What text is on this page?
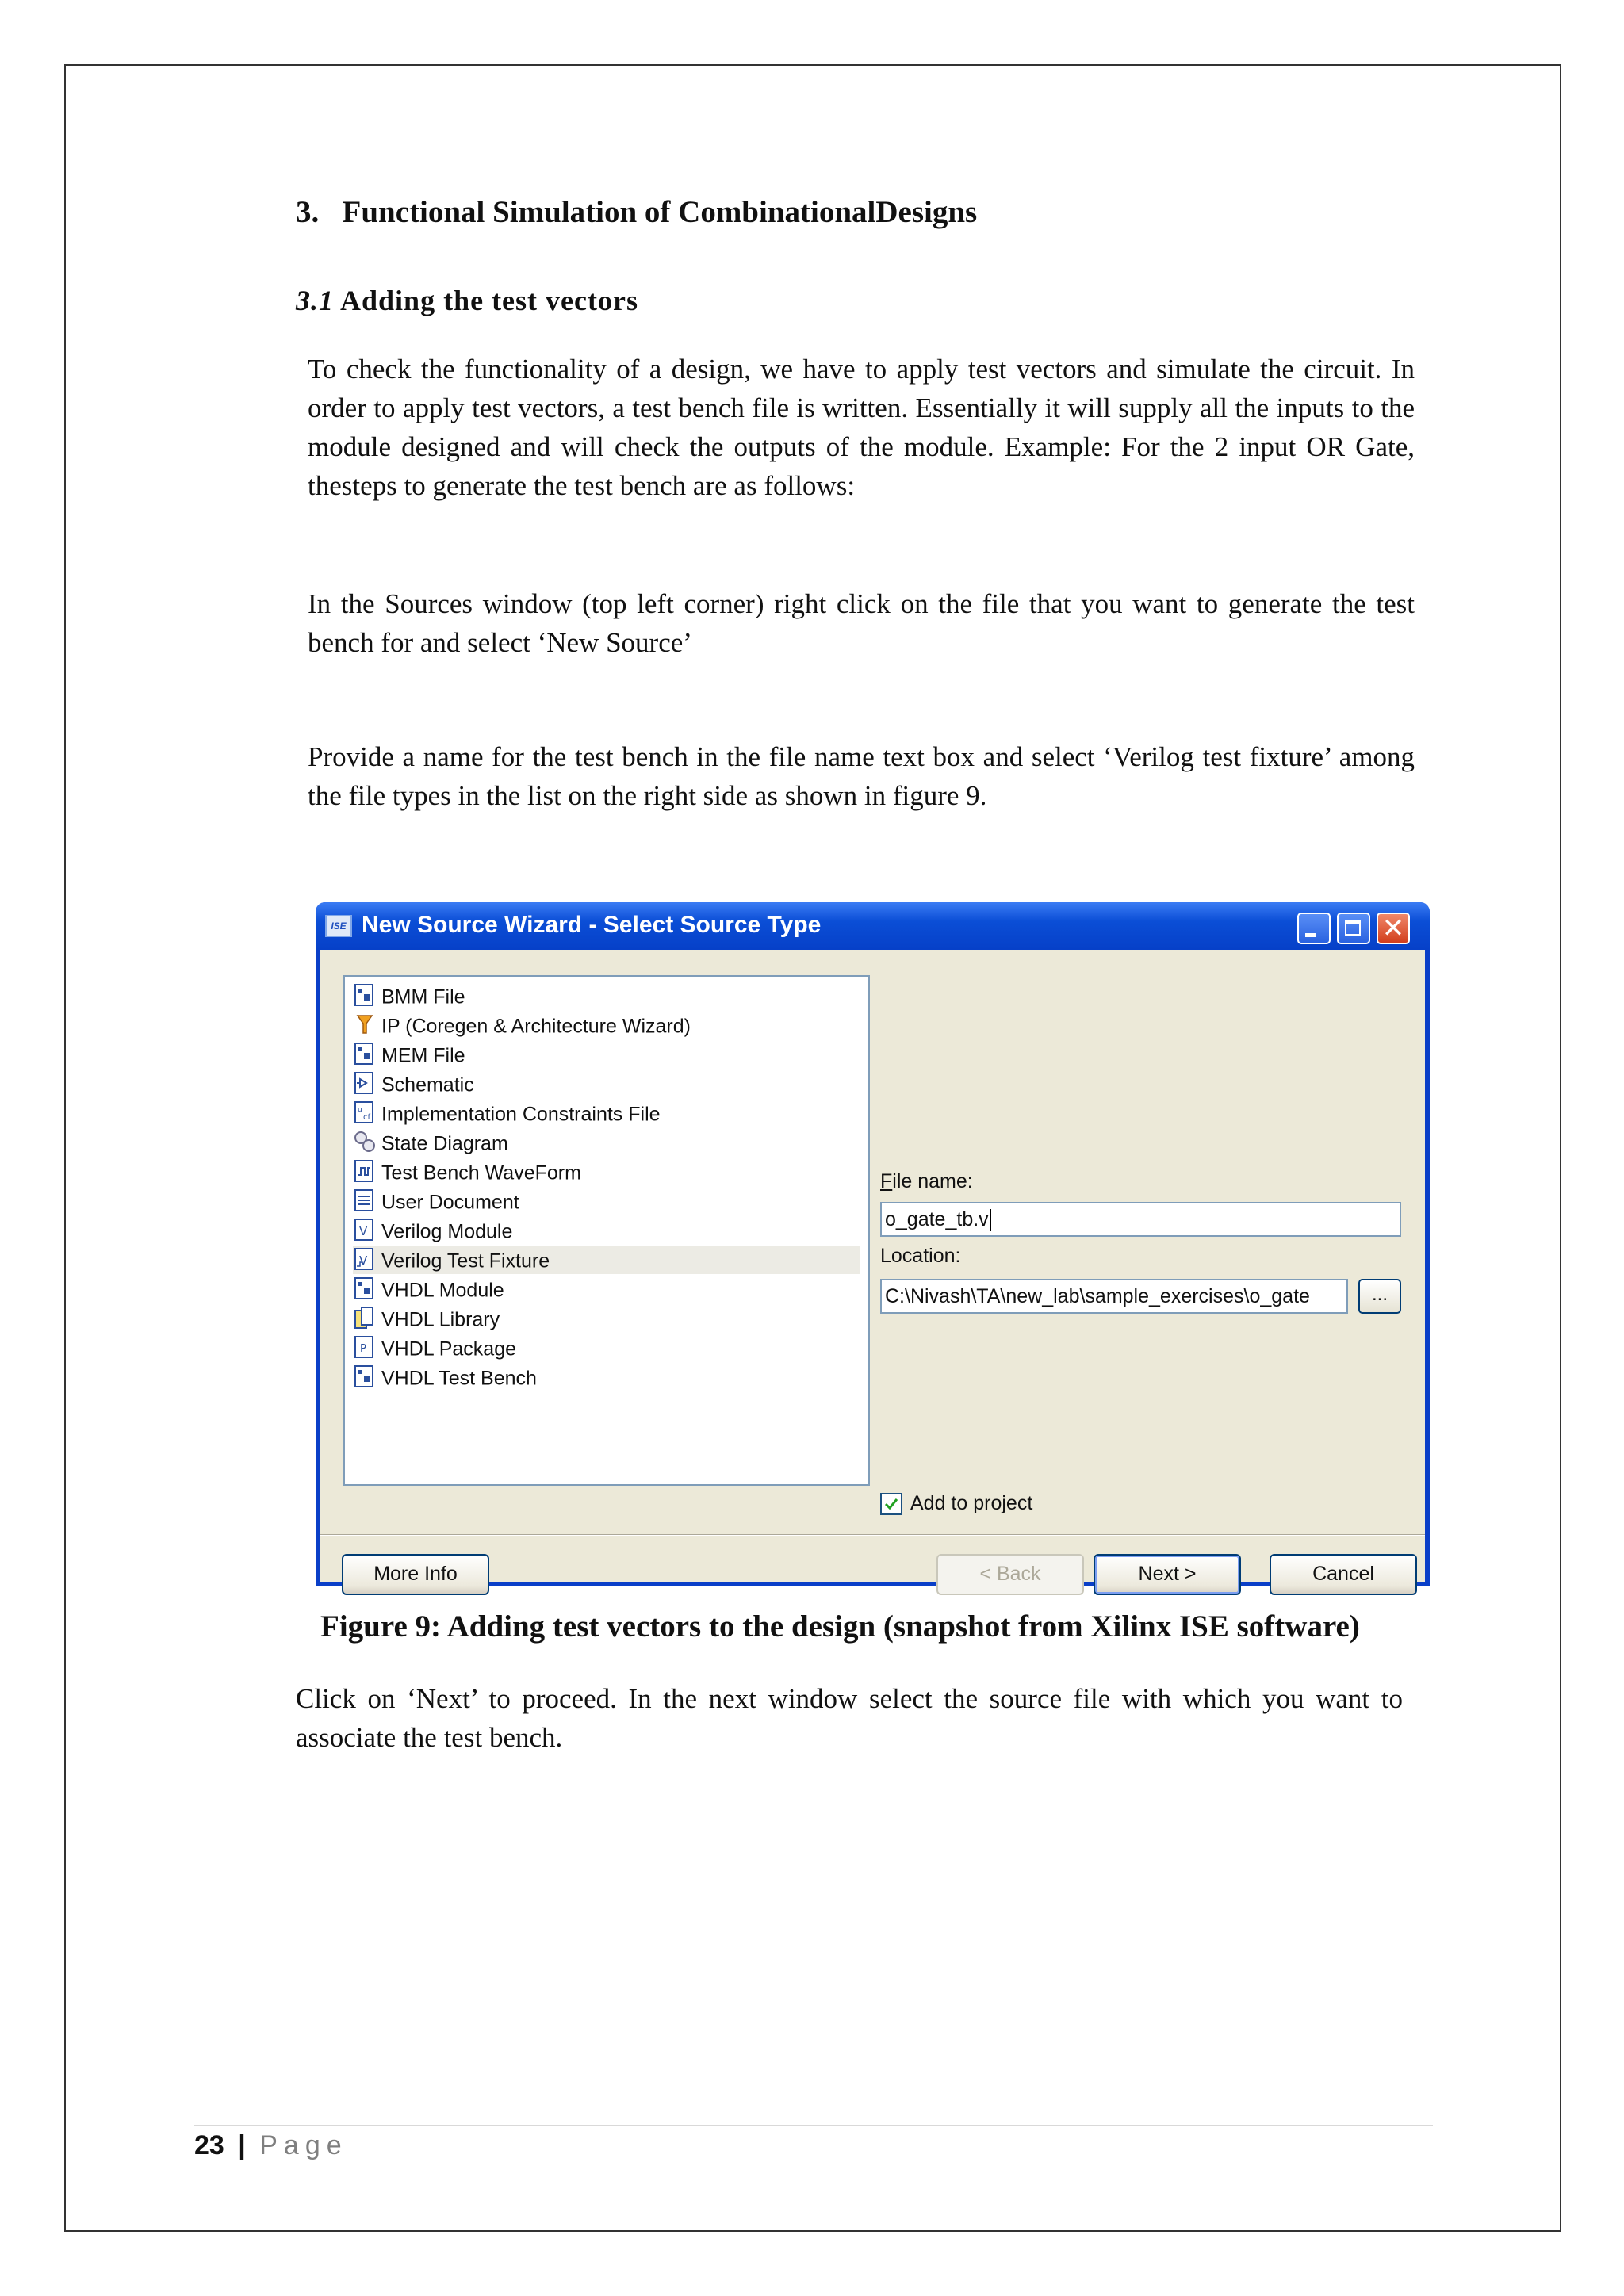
3. Functional Simulation of CombinationalDesigns
3.1 Adding the test vectors
To check the functionality of a design, we have to apply test vectors and simulate the circuit. In order to apply test vectors, a test bench file is written. Essentially it will supply all the inputs to the module designed and will check the outputs of the module. Example: For the 2 input OR Gate, thesteps to generate the test bench are as follows:
In the Sources window (top left corner) right click on the file that you want to generate the test bench for and select ‘New Source’
Provide a name for the test bench in the file name text box and select ‘Verilog test fixture’ among the file types in the list on the right side as shown in figure 9.
ISE New Source Wizard - Select Source Type	✕
BMM File
IP (Coregen & Architecture Wizard)
MEM File
Schematic
u
cf Implementation Constraints File
State Diagram
Test Bench WaveForm
User Document
V Verilog Module
V Verilog Test Fixture
VHDL Module
VHDL Library
P VHDL Package
VHDL Test Bench
File name:
o_gate_tb.v
Location:
C:\Nivash\TA\new_lab\sample_exercises\o_gate	...
Add to project
More Info	< Back	Next >	Cancel
Figure 9: Adding test vectors to the design (snapshot from Xilinx ISE software)
Click on ‘Next’ to proceed. In the next window select the source file with which you want to associate the test bench.
23 | Page
